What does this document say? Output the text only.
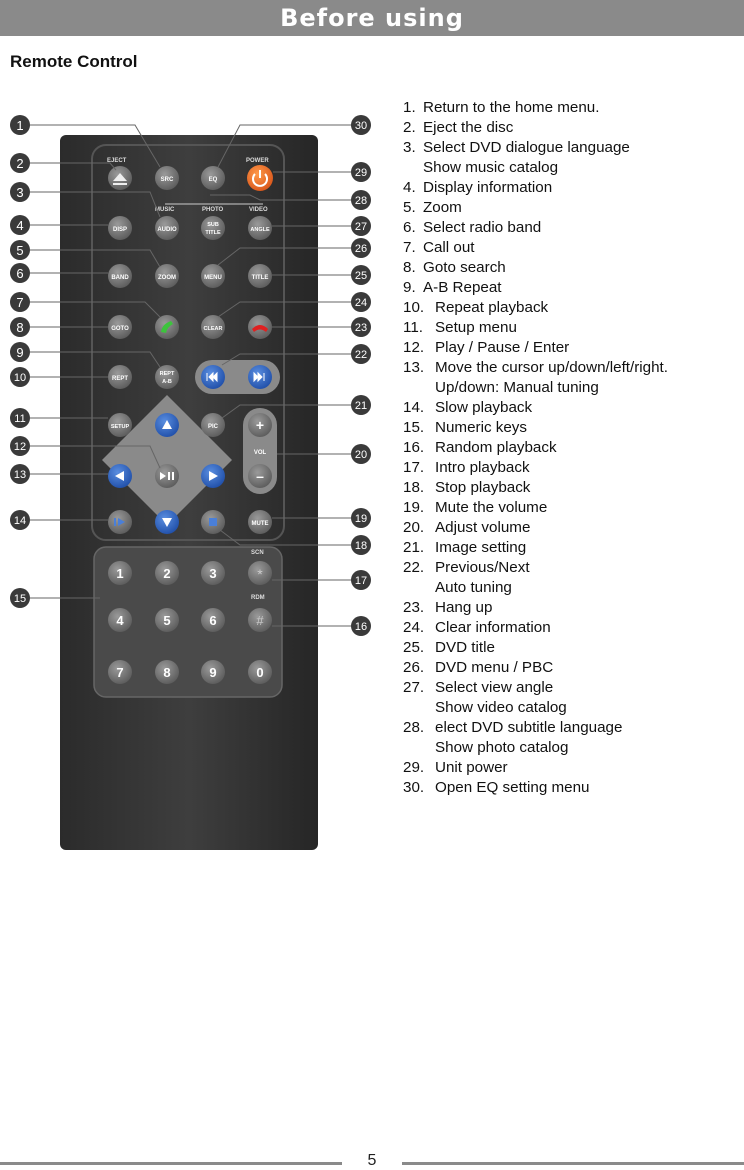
Before using
Remote Control
EJECT	POWER
MUSIC	PHOTO	VIDEO
SCN
RDM
SRC	EQ
DISP	AUDIO
SUB
TITLE	ANGLE
BAND	ZOOM	MENU	TITLE
GOTO	CLEAR
REPT
REPT
A-B
SETUP	PIC	+
VOL
–
MUTE
1	2	3	*
4	5	6	#
7	8	9	0
1
2
3
4
5
6
7
8
9
10
11
12
13
14
15
30
29
28
27
26
25
24
23
22
21
20
19
18
17
16
1. Return to the home menu.
2. Eject the disc
3. Select DVD dialogue language
Show music catalog
4. Display information
5. Zoom
6. Select radio band
7. Call out
8. Goto search
9. A-B Repeat
10. Repeat playback
11. Setup menu
12. Play / Pause / Enter
13. Move the cursor up/down/left/right.
Up/down: Manual tuning
14. Slow playback
15. Numeric keys
16. Random playback
17. Intro playback
18. Stop playback
19. Mute the volume
20. Adjust volume
21. Image setting
22. Previous/Next
Auto tuning
23. Hang up
24. Clear information
25. DVD title
26. DVD menu / PBC
27. Select view angle
Show video catalog
28. elect DVD subtitle language
Show photo catalog
29. Unit power
30. Open EQ setting menu
5
